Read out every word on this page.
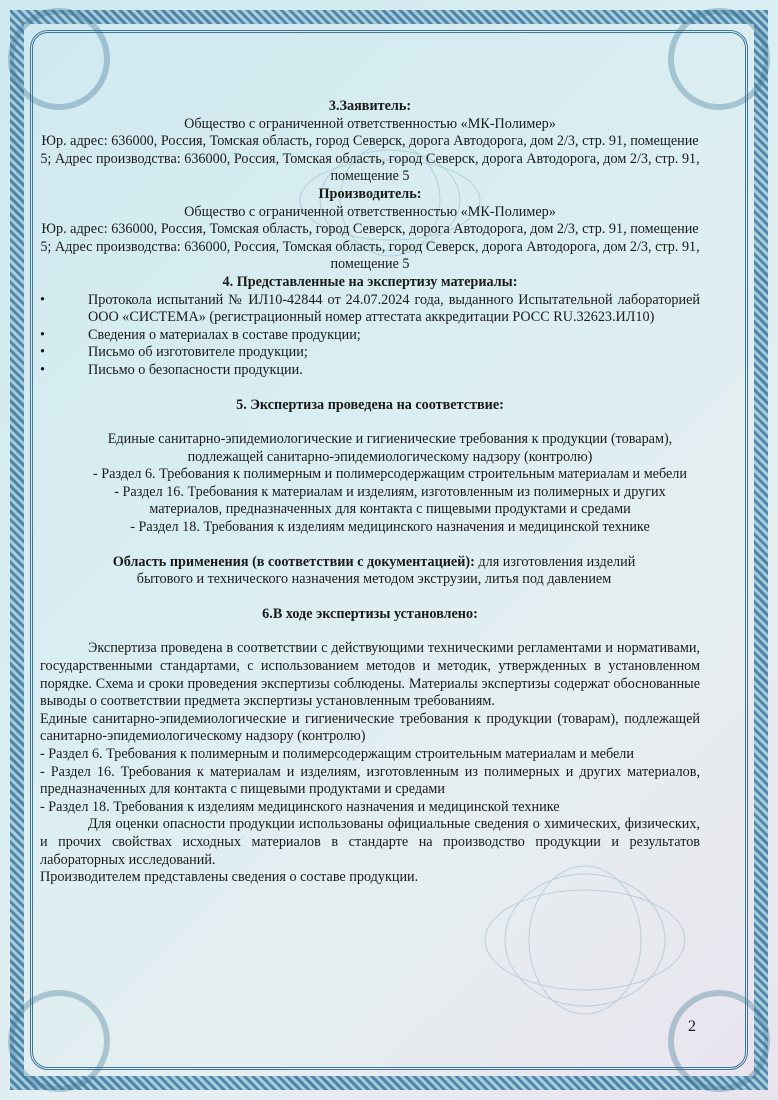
3.Заявитель:

Общество с ограниченной ответственностью «МК-Полимер»

Юр. адрес: 636000, Россия, Томская область, город Северск, дорога Автодорога, дом 2/3, стр. 91, помещение 5; Адрес производства: 636000, Россия, Томская область, город Северск, дорога Автодорога, дом 2/3, стр. 91, помещение 5

Производитель:

Общество с ограниченной ответственностью «МК-Полимер»

Юр. адрес: 636000, Россия, Томская область, город Северск, дорога Автодорога, дом 2/3, стр. 91, помещение 5; Адрес производства: 636000, Россия, Томская область, город Северск, дорога Автодорога, дом 2/3, стр. 91, помещение 5

4. Представленные на экспертизу материалы:

•	Протокола испытаний № ИЛ10-42844 от 24.07.2024 года, выданного Испытательной лабораторией ООО «СИСТЕМА» (регистрационный номер аттестата аккредитации РОСС RU.32623.ИЛ10)
•	Сведения о материалах в составе продукции;
•	Письмо об изготовителе продукции;
•	Письмо о безопасности продукции.

5. Экспертиза проведена на соответствие:

Единые санитарно-эпидемиологические и гигиенические требования к продукции (товарам), подлежащей санитарно-эпидемиологическому надзору (контролю)

- Раздел 6. Требования к полимерным и полимерсодержащим строительным материалам и мебели

- Раздел 16. Требования к материалам и изделиям, изготовленным из полимерных и других материалов, предназначенных для контакта с пищевыми продуктами и средами

- Раздел 18. Требования к изделиям медицинского назначения и медицинской технике

Область применения (в соответствии с документацией): для изготовления изделий бытового и технического назначения методом экструзии, литья под давлением

6.В ходе экспертизы установлено:

Экспертиза проведена в соответствии с действующими техническими регламентами и нормативами, государственными стандартами, с использованием методов и методик, утвержденных в установленном порядке. Схема и сроки проведения экспертизы соблюдены. Материалы экспертизы содержат обоснованные выводы о соответствии предмета экспертизы установленным требованиям.

Единые санитарно-эпидемиологические и гигиенические требования к продукции (товарам), подлежащей санитарно-эпидемиологическому надзору (контролю)

- Раздел 6. Требования к полимерным и полимерсодержащим строительным материалам и мебели

- Раздел 16. Требования к материалам и изделиям, изготовленным из полимерных и других материалов, предназначенных для контакта с пищевыми продуктами и средами

- Раздел 18. Требования к изделиям медицинского назначения и медицинской технике

Для оценки опасности продукции использованы официальные сведения о химических, физических, и прочих свойствах исходных материалов в стандарте на производство продукции и результатов лабораторных исследований.

Производителем представлены сведения о составе продукции.

2
